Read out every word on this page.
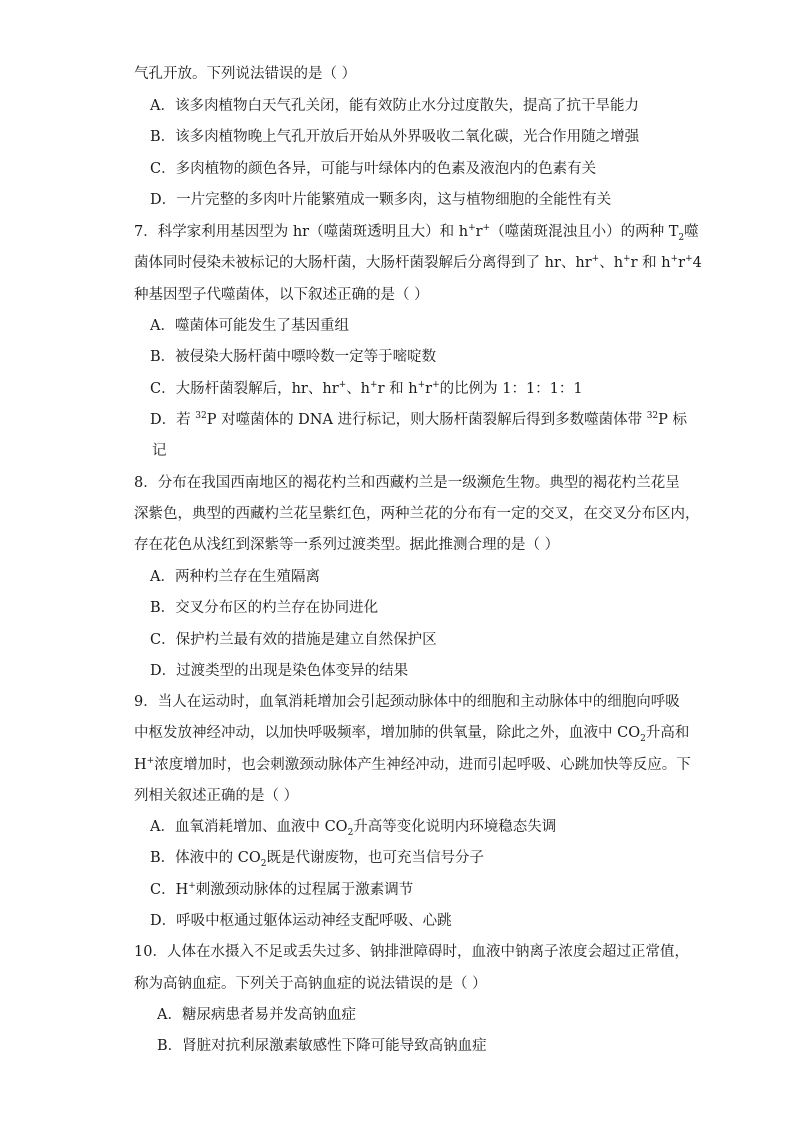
气孔开放。下列说法错误的是（ ）
A．该多肉植物白天气孔关闭，能有效防止水分过度散失，提高了抗干旱能力
B．该多肉植物晚上气孔开放后开始从外界吸收二氧化碳，光合作用随之增强
C．多肉植物的颜色各异，可能与叶绿体内的色素及液泡内的色素有关
D．一片完整的多肉叶片能繁殖成一颗多肉，这与植物细胞的全能性有关
7．科学家利用基因型为 hr（噬菌斑透明且大）和 h+r+（噬菌斑混浊且小）的两种 $T_2$噬
菌体同时侵染未被标记的大肠杆菌，大肠杆菌裂解后分离得到了 hr、hr+、h+r 和 h+r+4
种基因型子代噬菌体，以下叙述正确的是（ ）
A．噬菌体可能发生了基因重组
B．被侵染大肠杆菌中嘌呤数一定等于嘧啶数
C．大肠杆菌裂解后，hr、hr+、h+r 和 h+r+的比例为 1：1：1：1
D．若 $^{32}$P 对噬菌体的 DNA 进行标记，则大肠杆菌裂解后得到多数噬菌体带 $^{32}$P 标
记
8．分布在我国西南地区的褐花杓兰和西藏杓兰是一级濒危生物。典型的褐花杓兰花呈
深紫色，典型的西藏杓兰花呈紫红色，两种兰花的分布有一定的交叉，在交叉分布区内，
存在花色从浅红到深紫等一系列过渡类型。据此推测合理的是（ ）
A．两种杓兰存在生殖隔离
B．交叉分布区的杓兰存在协同进化
C．保护杓兰最有效的措施是建立自然保护区
D．过渡类型的出现是染色体变异的结果
9．当人在运动时，血氧消耗增加会引起颈动脉体中的细胞和主动脉体中的细胞向呼吸
中枢发放神经冲动，以加快呼吸频率，增加肺的供氧量，除此之外，血液中 $CO_2$升高和
H+浓度增加时，也会刺激颈动脉体产生神经冲动，进而引起呼吸、心跳加快等反应。下
列相关叙述正确的是（ ）
A．血氧消耗增加、血液中 $CO_2$升高等变化说明内环境稳态失调
B．体液中的 $CO_2$既是代谢废物，也可充当信号分子
C．H+刺激颈动脉体的过程属于激素调节
D．呼吸中枢通过躯体运动神经支配呼吸、心跳
10．人体在水摄入不足或丢失过多、钠排泄障碍时，血液中钠离子浓度会超过正常值，
称为高钠血症。下列关于高钠血症的说法错误的是（ ）
A．糖尿病患者易并发高钠血症
B．肾脏对抗利尿激素敏感性下降可能导致高钠血症
